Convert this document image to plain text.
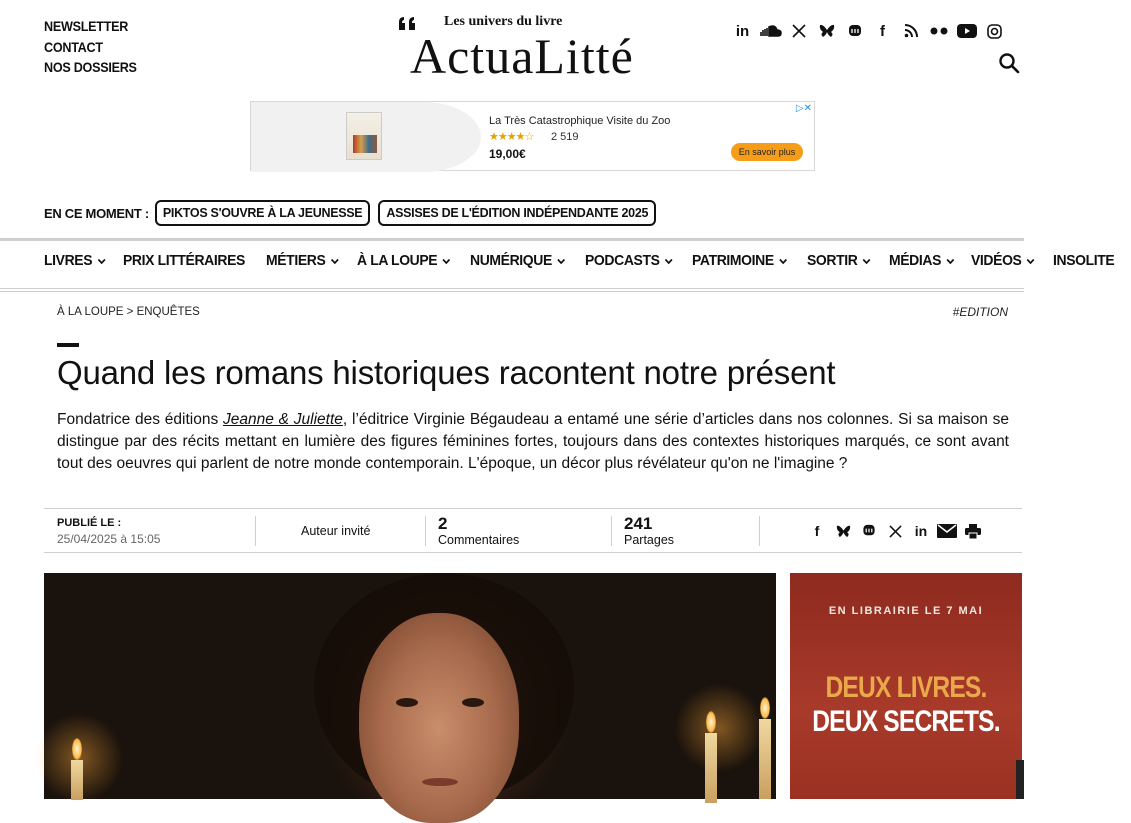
NEWSLETTER
CONTACT
NOS DOSSIERS
Les univers du livre
ActuaLitté	in	f
La Très Catastrophique Visite du Zoo
★★★★☆ 2 519
19,00€	En savoir plus
▷✕
EN CE MOMENT :	PIKTOS S'OUVRE À LA JEUNESSE	ASSISES DE L'ÉDITION INDÉPENDANTE 2025
LIVRES PRIX LITTÉRAIRES MÉTIERS À LA LOUPE NUMÉRIQUE PODCASTS PATRIMOINE SORTIR MÉDIAS VIDÉOS INSOLITE
À LA LOUPE > ENQUÊTES	#EDITION
Quand les romans historiques racontent notre présent

Fondatrice des éditions Jeanne & Juliette, l’éditrice Virginie Bégaudeau a entamé une série d’articles dans nos colonnes. Si sa maison se distingue par des récits mettant en lumière des figures féminines fortes, toujours dans des contextes historiques marqués, ce sont avant tout des oeuvres qui parlent de notre monde contemporain. L'époque, un décor plus révélateur qu'on ne l'imagine ?

PUBLIÉ LE :
25/04/2025 à 15:05
Auteur invité	2
Commentaires
241
Partages
f	in
EN LIBRAIRIE LE 7 MAI
DEUX LIVRES.
DEUX SECRETS.
